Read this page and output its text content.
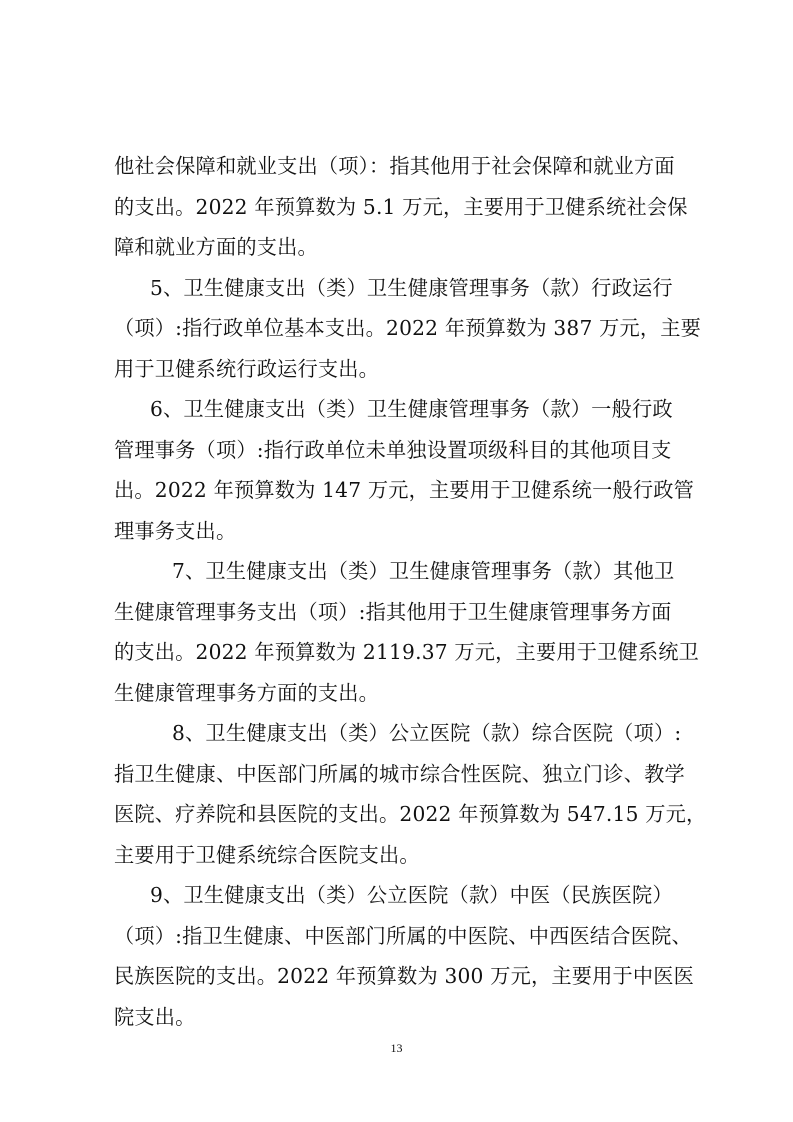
13
他社会保障和就业支出（项）：指其他用于社会保障和就业方面
的支出。2022 年预算数为 5.1 万元，主要用于卫健系统社会保
障和就业方面的支出。
5、卫生健康支出（类）卫生健康管理事务（款）行政运行
（项）:指行政单位基本支出。2022 年预算数为 387 万元，主要
用于卫健系统行政运行支出。
6、卫生健康支出（类）卫生健康管理事务（款）一般行政
管理事务（项）:指行政单位未单独设置项级科目的其他项目支
出。2022 年预算数为 147 万元，主要用于卫健系统一般行政管
理事务支出。
7、卫生健康支出（类）卫生健康管理事务（款）其他卫
生健康管理事务支出（项）:指其他用于卫生健康管理事务方面
的支出。2022 年预算数为 2119.37 万元，主要用于卫健系统卫
生健康管理事务方面的支出。
8、卫生健康支出（类）公立医院（款）综合医院（项）:
指卫生健康、中医部门所属的城市综合性医院、独立门诊、教学
医院、疗养院和县医院的支出。2022 年预算数为 547.15 万元，
主要用于卫健系统综合医院支出。
9、卫生健康支出（类）公立医院（款）中医（民族医院）
（项）:指卫生健康、中医部门所属的中医院、中西医结合医院、
民族医院的支出。2022 年预算数为 300 万元，主要用于中医医
院支出。
